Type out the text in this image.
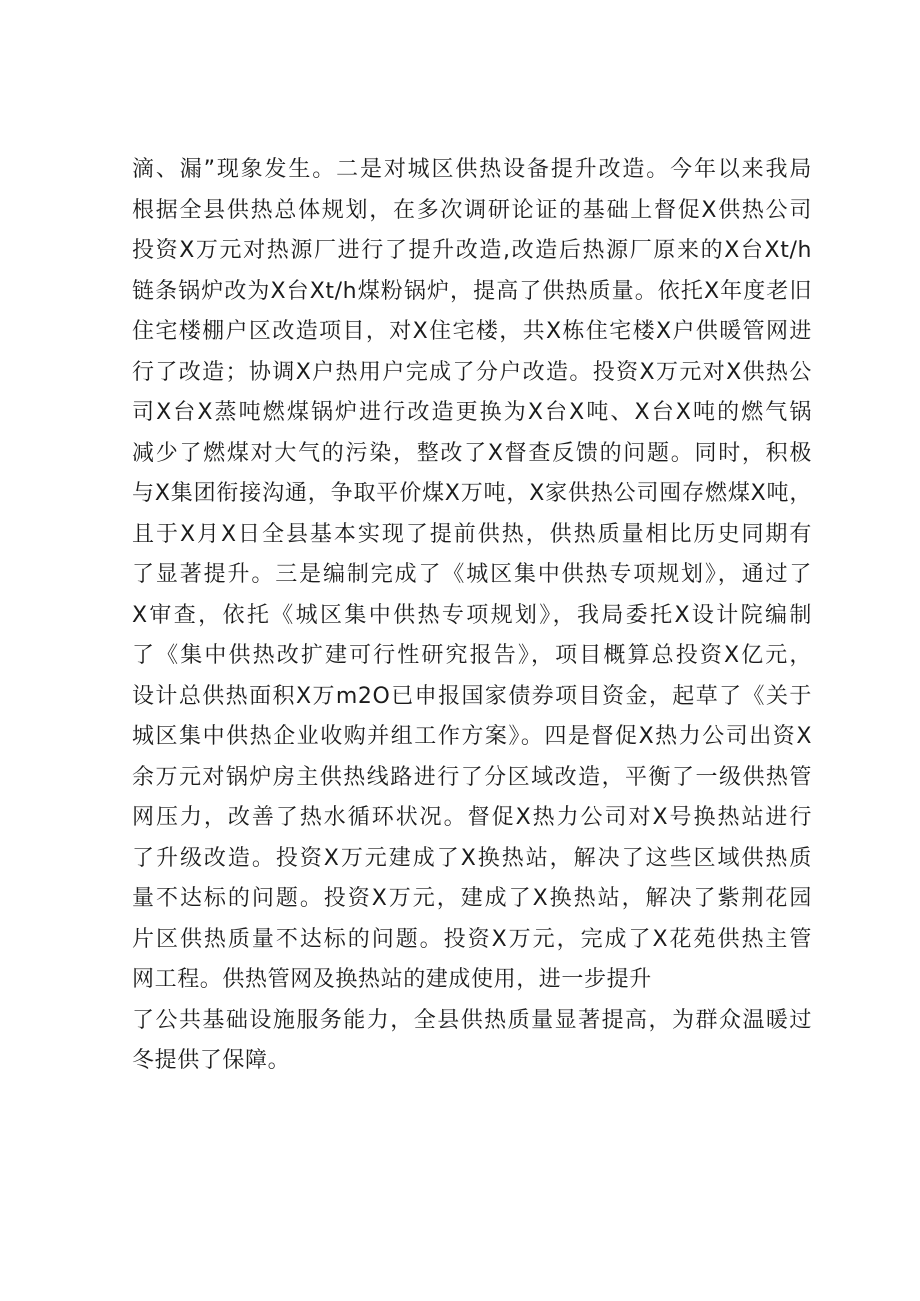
滴、漏”现象发生。二是对城区供热设备提升改造。今年以来我局
根据全县供热总体规划，在多次调研论证的基础上督促X供热公司
投资X万元对热源厂进行了提升改造,改造后热源厂原来的X台Xt/h
链条锅炉改为X台Xt/h煤粉锅炉，提高了供热质量。依托X年度老旧
住宅楼棚户区改造项目，对X住宅楼，共X栋住宅楼X户供暖管网进
行了改造；协调X户热用户完成了分户改造。投资X万元对X供热公
司X台X蒸吨燃煤锅炉进行改造更换为X台X吨、X台X吨的燃气锅
减少了燃煤对大气的污染，整改了X督查反馈的问题。同时，积极
与X集团衔接沟通，争取平价煤X万吨，X家供热公司囤存燃煤X吨，
且于X月X日全县基本实现了提前供热，供热质量相比历史同期有
了显著提升。三是编制完成了《城区集中供热专项规划》，通过了
X审查，依托《城区集中供热专项规划》，我局委托X设计院编制
了《集中供热改扩建可行性研究报告》，项目概算总投资X亿元，
设计总供热面积X万m2O已申报国家债券项目资金，起草了《关于
城区集中供热企业收购并组工作方案》。四是督促X热力公司出资X
余万元对锅炉房主供热线路进行了分区域改造，平衡了一级供热管
网压力，改善了热水循环状况。督促X热力公司对X号换热站进行
了升级改造。投资X万元建成了X换热站，解决了这些区域供热质
量不达标的问题。投资X万元，建成了X换热站，解决了紫荆花园
片区供热质量不达标的问题。投资X万元，完成了X花苑供热主管
网工程。供热管网及换热站的建成使用，进一步提升
了公共基础设施服务能力，全县供热质量显著提高，为群众温暖过
冬提供了保障。
